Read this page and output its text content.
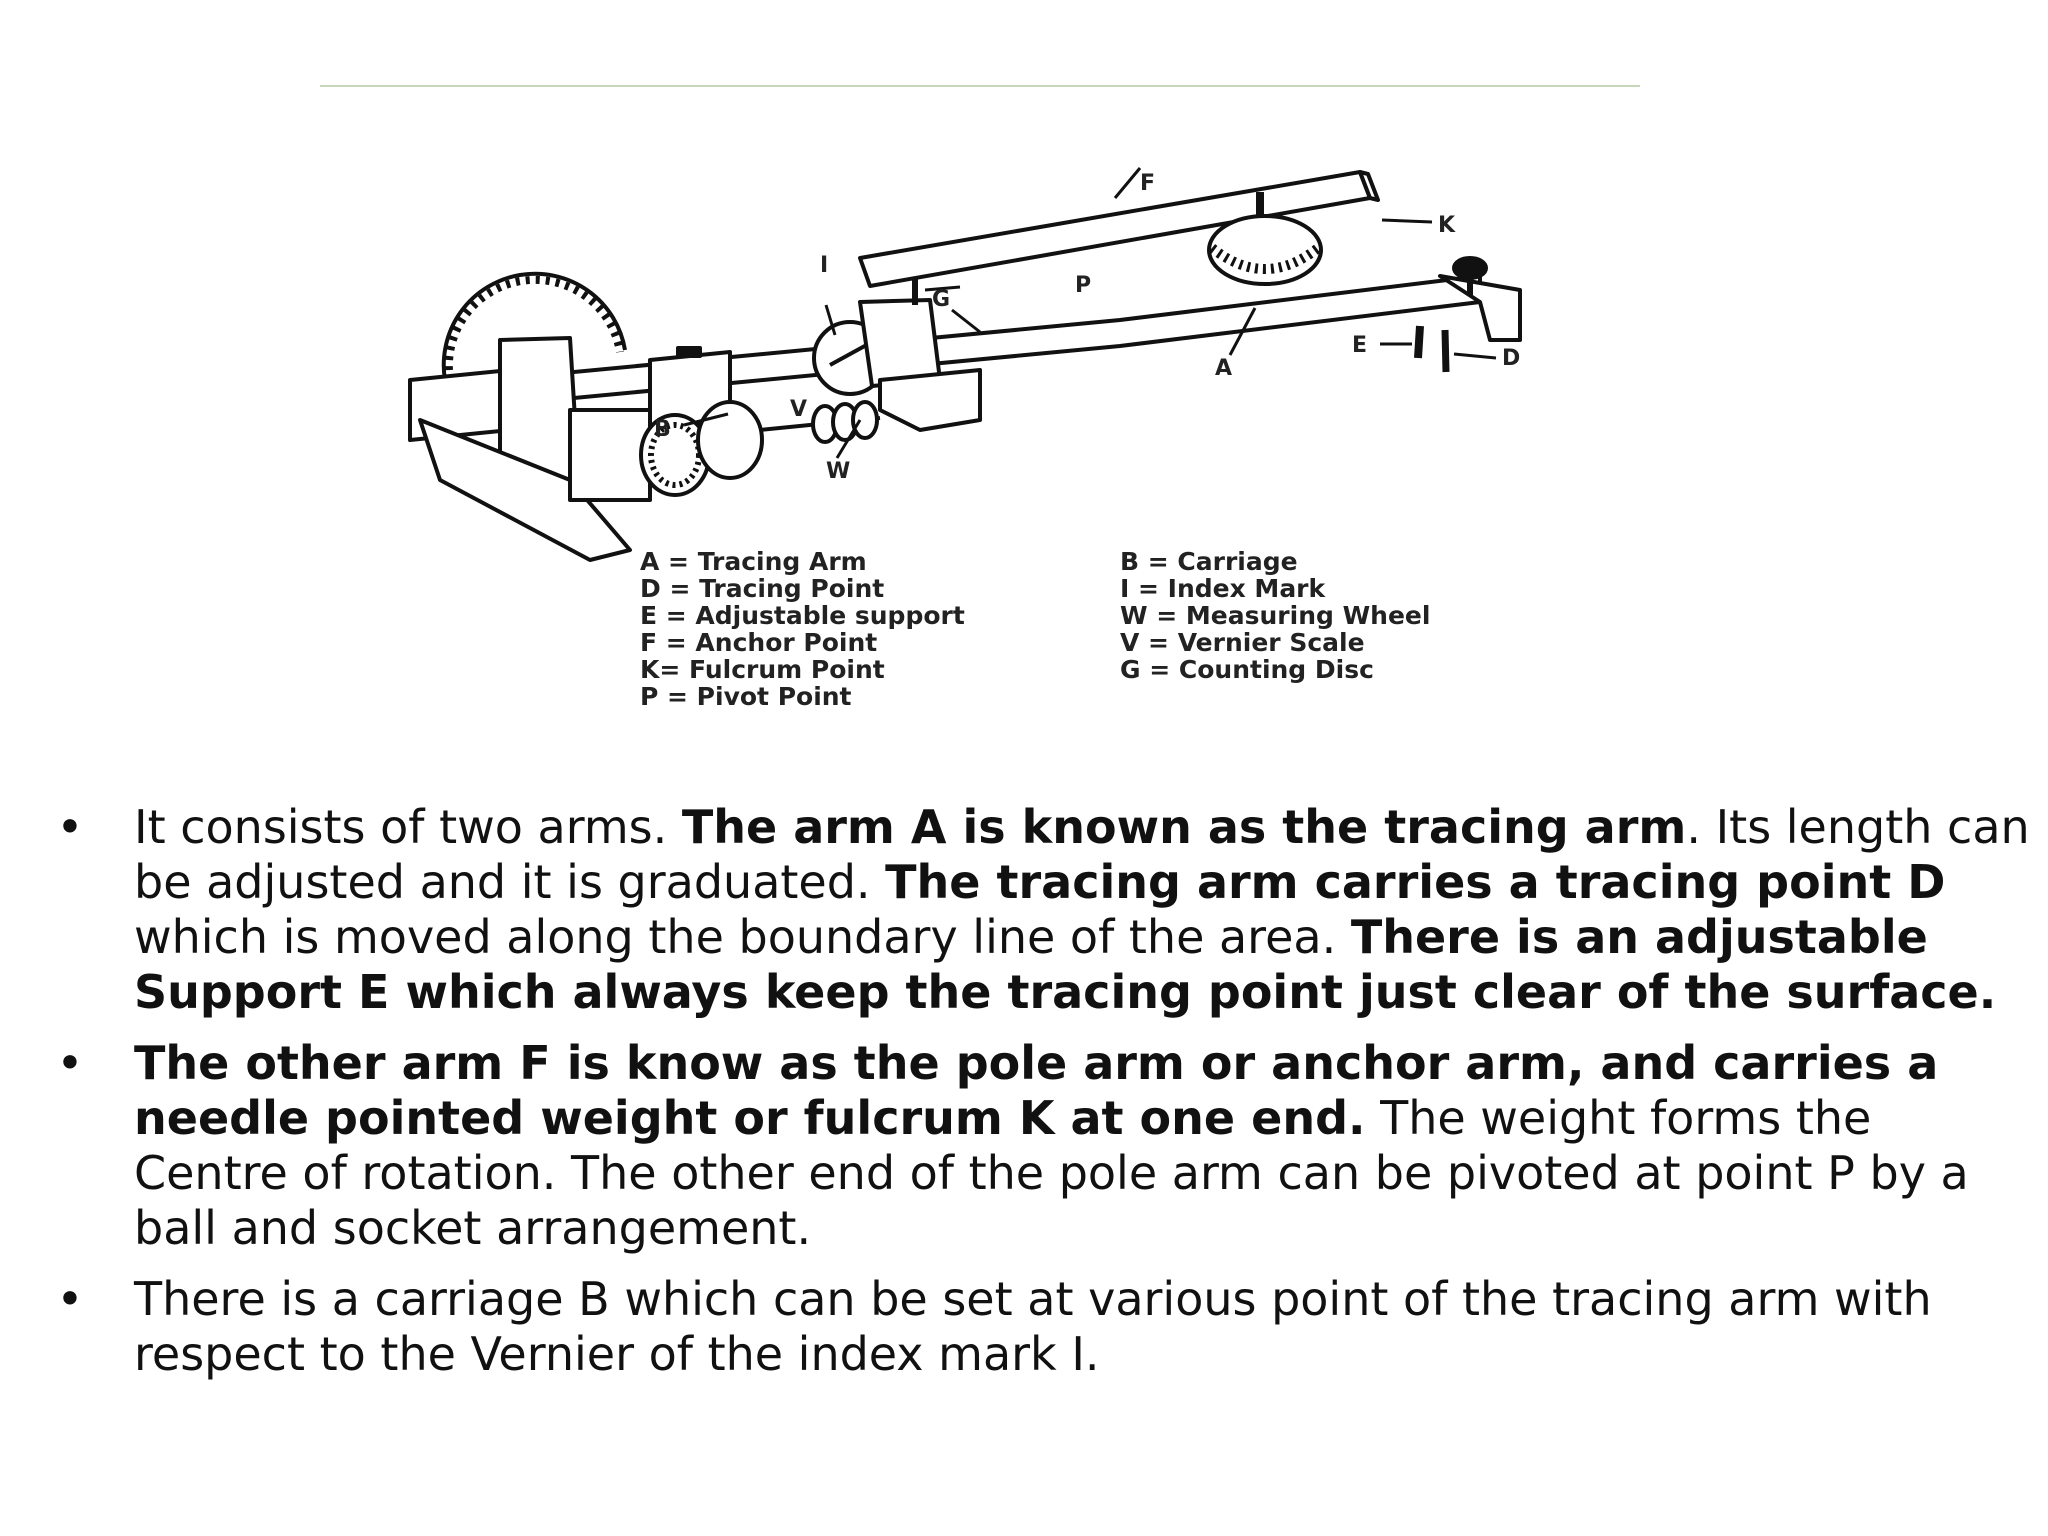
F
K
P
G
I
A
E
D
B
V
W
A = Tracing Arm
D = Tracing Point
E = Adjustable support
F = Anchor Point
K= Fulcrum Point
P = Pivot Point
B = Carriage
I = Index Mark
W = Measuring Wheel
V = Vernier Scale
G = Counting Disc
• It consists of two arms. The arm A is known as the tracing arm. Its length can be adjusted and it is graduated. The tracing arm carries a tracing point D which is moved along the boundary line of the area. There is an adjustable Support E which always keep the tracing point just clear of the surface.
• The other arm F is know as the pole arm or anchor arm, and carries a needle pointed weight or fulcrum K at one end. The weight forms the Centre of rotation. The other end of the pole arm can be pivoted at point P by a ball and socket arrangement.
• There is a carriage B which can be set at various point of the tracing arm with respect to the Vernier of the index mark I.
